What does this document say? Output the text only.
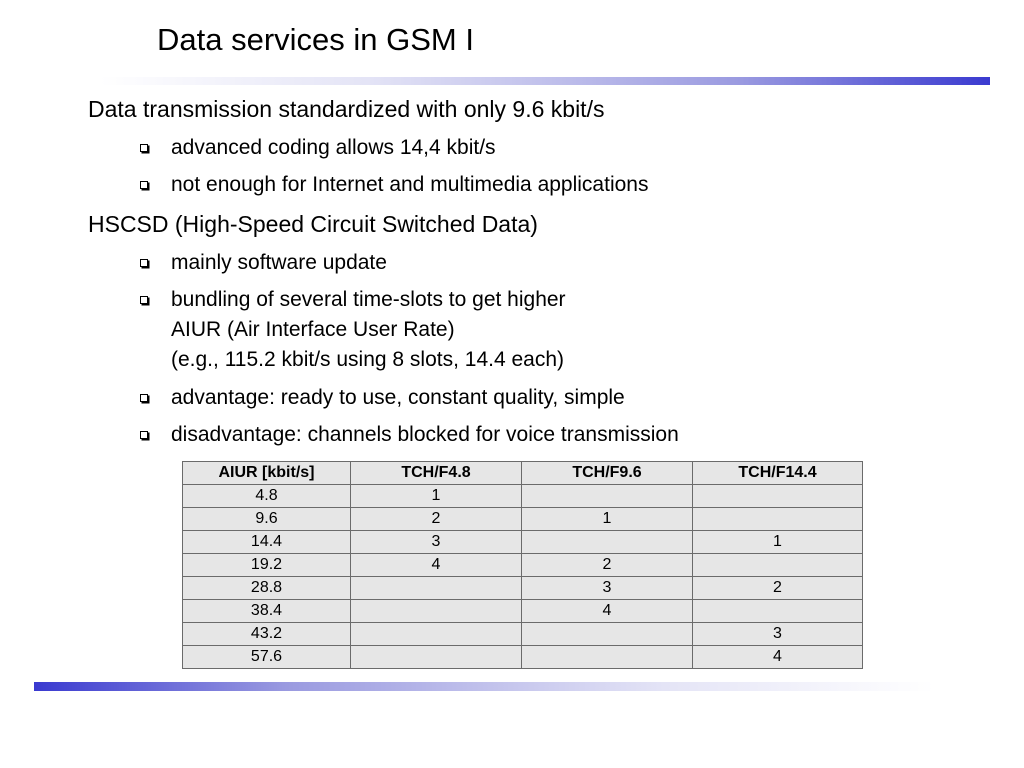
Data services in GSM I
Data transmission standardized with only 9.6 kbit/s
advanced coding allows 14,4 kbit/s
not enough for Internet and multimedia applications
HSCSD (High-Speed Circuit Switched Data)
mainly software update
bundling of several time-slots to get higher
AIUR (Air Interface User Rate)
(e.g., 115.2 kbit/s using 8 slots, 14.4 each)
advantage: ready to use, constant quality, simple
disadvantage: channels blocked for voice transmission
AIUR [kbit/s]	TCH/F4.8	TCH/F9.6	TCH/F14.4
4.8	1		
9.6	2	1	
14.4	3		1
19.2	4	2	
28.8		3	2
38.4		4	
43.2			3
57.6			4
